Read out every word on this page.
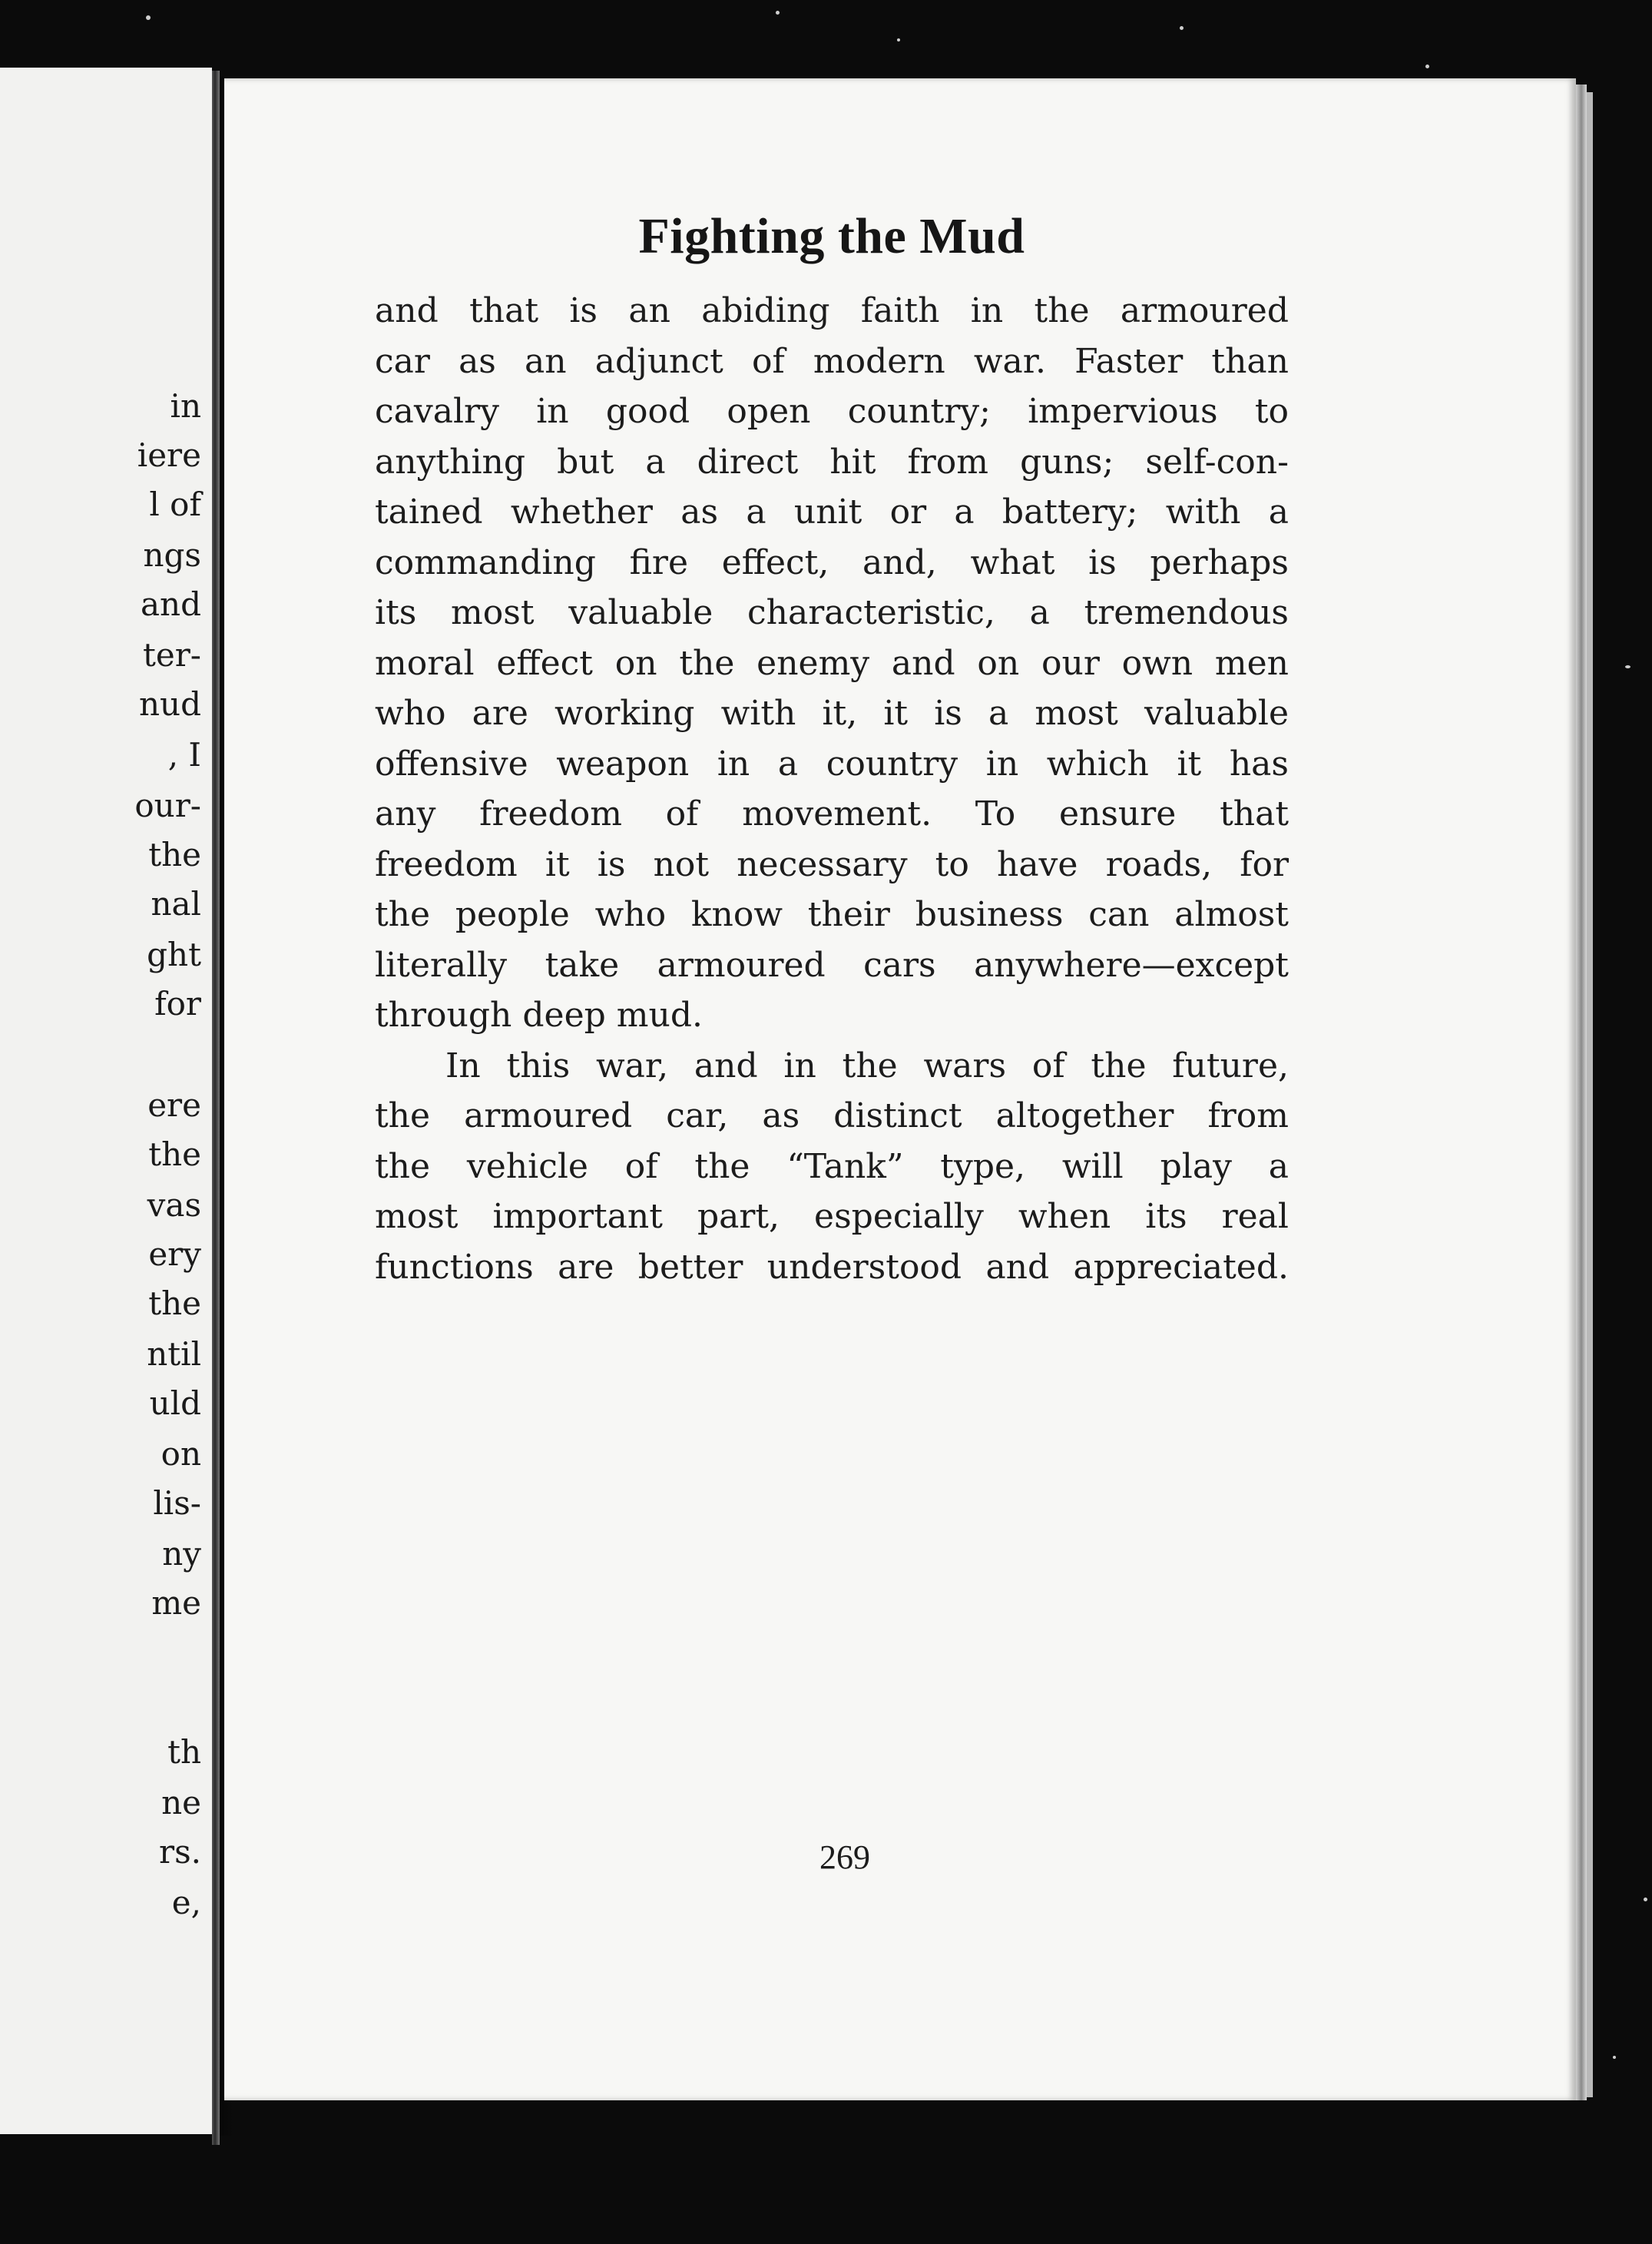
in
iere
l of
ngs
and
ter-
nud
, I
our-
the
nal
ght
for
ere
the
vas
ery
the
ntil
uld
on
lis-
ny
me
th
ne
rs.
e,
Fighting the Mud
and that is an abiding faith in the armoured
car as an adjunct of modern war. Faster than
cavalry in good open country; impervious to
anything but a direct hit from guns; self-con-
tained whether as a unit or a battery; with a
commanding fire effect, and, what is perhaps
its most valuable characteristic, a tremendous
moral effect on the enemy and on our own men
who are working with it, it is a most valuable
offensive weapon in a country in which it has
any freedom of movement. To ensure that
freedom it is not necessary to have roads, for
the people who know their business can almost
literally take armoured cars anywhere—except
through deep mud.
In this war, and in the wars of the future,
the armoured car, as distinct altogether from
the vehicle of the “Tank” type, will play a
most important part, especially when its real
functions are better understood and appreciated.
269
